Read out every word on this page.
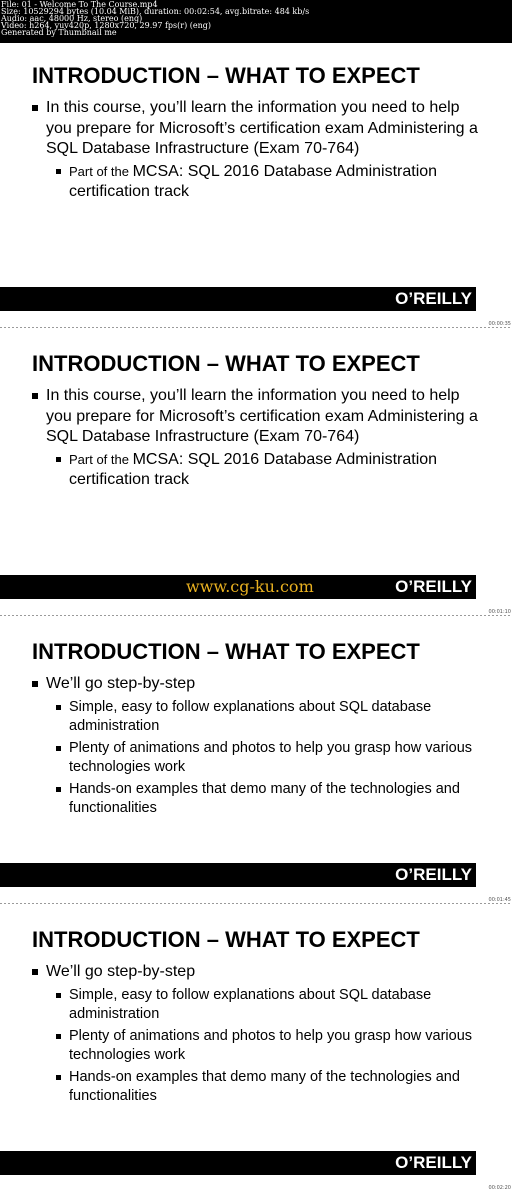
File: 01 - Welcome To The Course.mp4
Size: 10529294 bytes (10.04 MiB), duration: 00:02:54, avg.bitrate: 484 kb/s
Audio: aac, 48000 Hz, stereo (eng)
Video: h264, yuv420p, 1280x720, 29.97 fps(r) (eng)
Generated by Thumbnail me
INTRODUCTION – WHAT TO EXPECT
In this course, you’ll learn the information you need to help you prepare for Microsoft’s certification exam Administering a SQL Database Infrastructure (Exam 70-764)
Part of the MCSA: SQL 2016 Database Administration certification track
O’REILLY
00:00:35
INTRODUCTION – WHAT TO EXPECT
In this course, you’ll learn the information you need to help you prepare for Microsoft’s certification exam Administering a SQL Database Infrastructure (Exam 70-764)
Part of the MCSA: SQL 2016 Database Administration certification track
www.cg-ku.com	O’REILLY
00:01:10
INTRODUCTION – WHAT TO EXPECT
We’ll go step-by-step
Simple, easy to follow explanations about SQL database administration
Plenty of animations and photos to help you grasp how various technologies work
Hands-on examples that demo many of the technologies and functionalities
O’REILLY
00:01:45
INTRODUCTION – WHAT TO EXPECT
We’ll go step-by-step
Simple, easy to follow explanations about SQL database administration
Plenty of animations and photos to help you grasp how various technologies work
Hands-on examples that demo many of the technologies and functionalities
O’REILLY
00:02:20
